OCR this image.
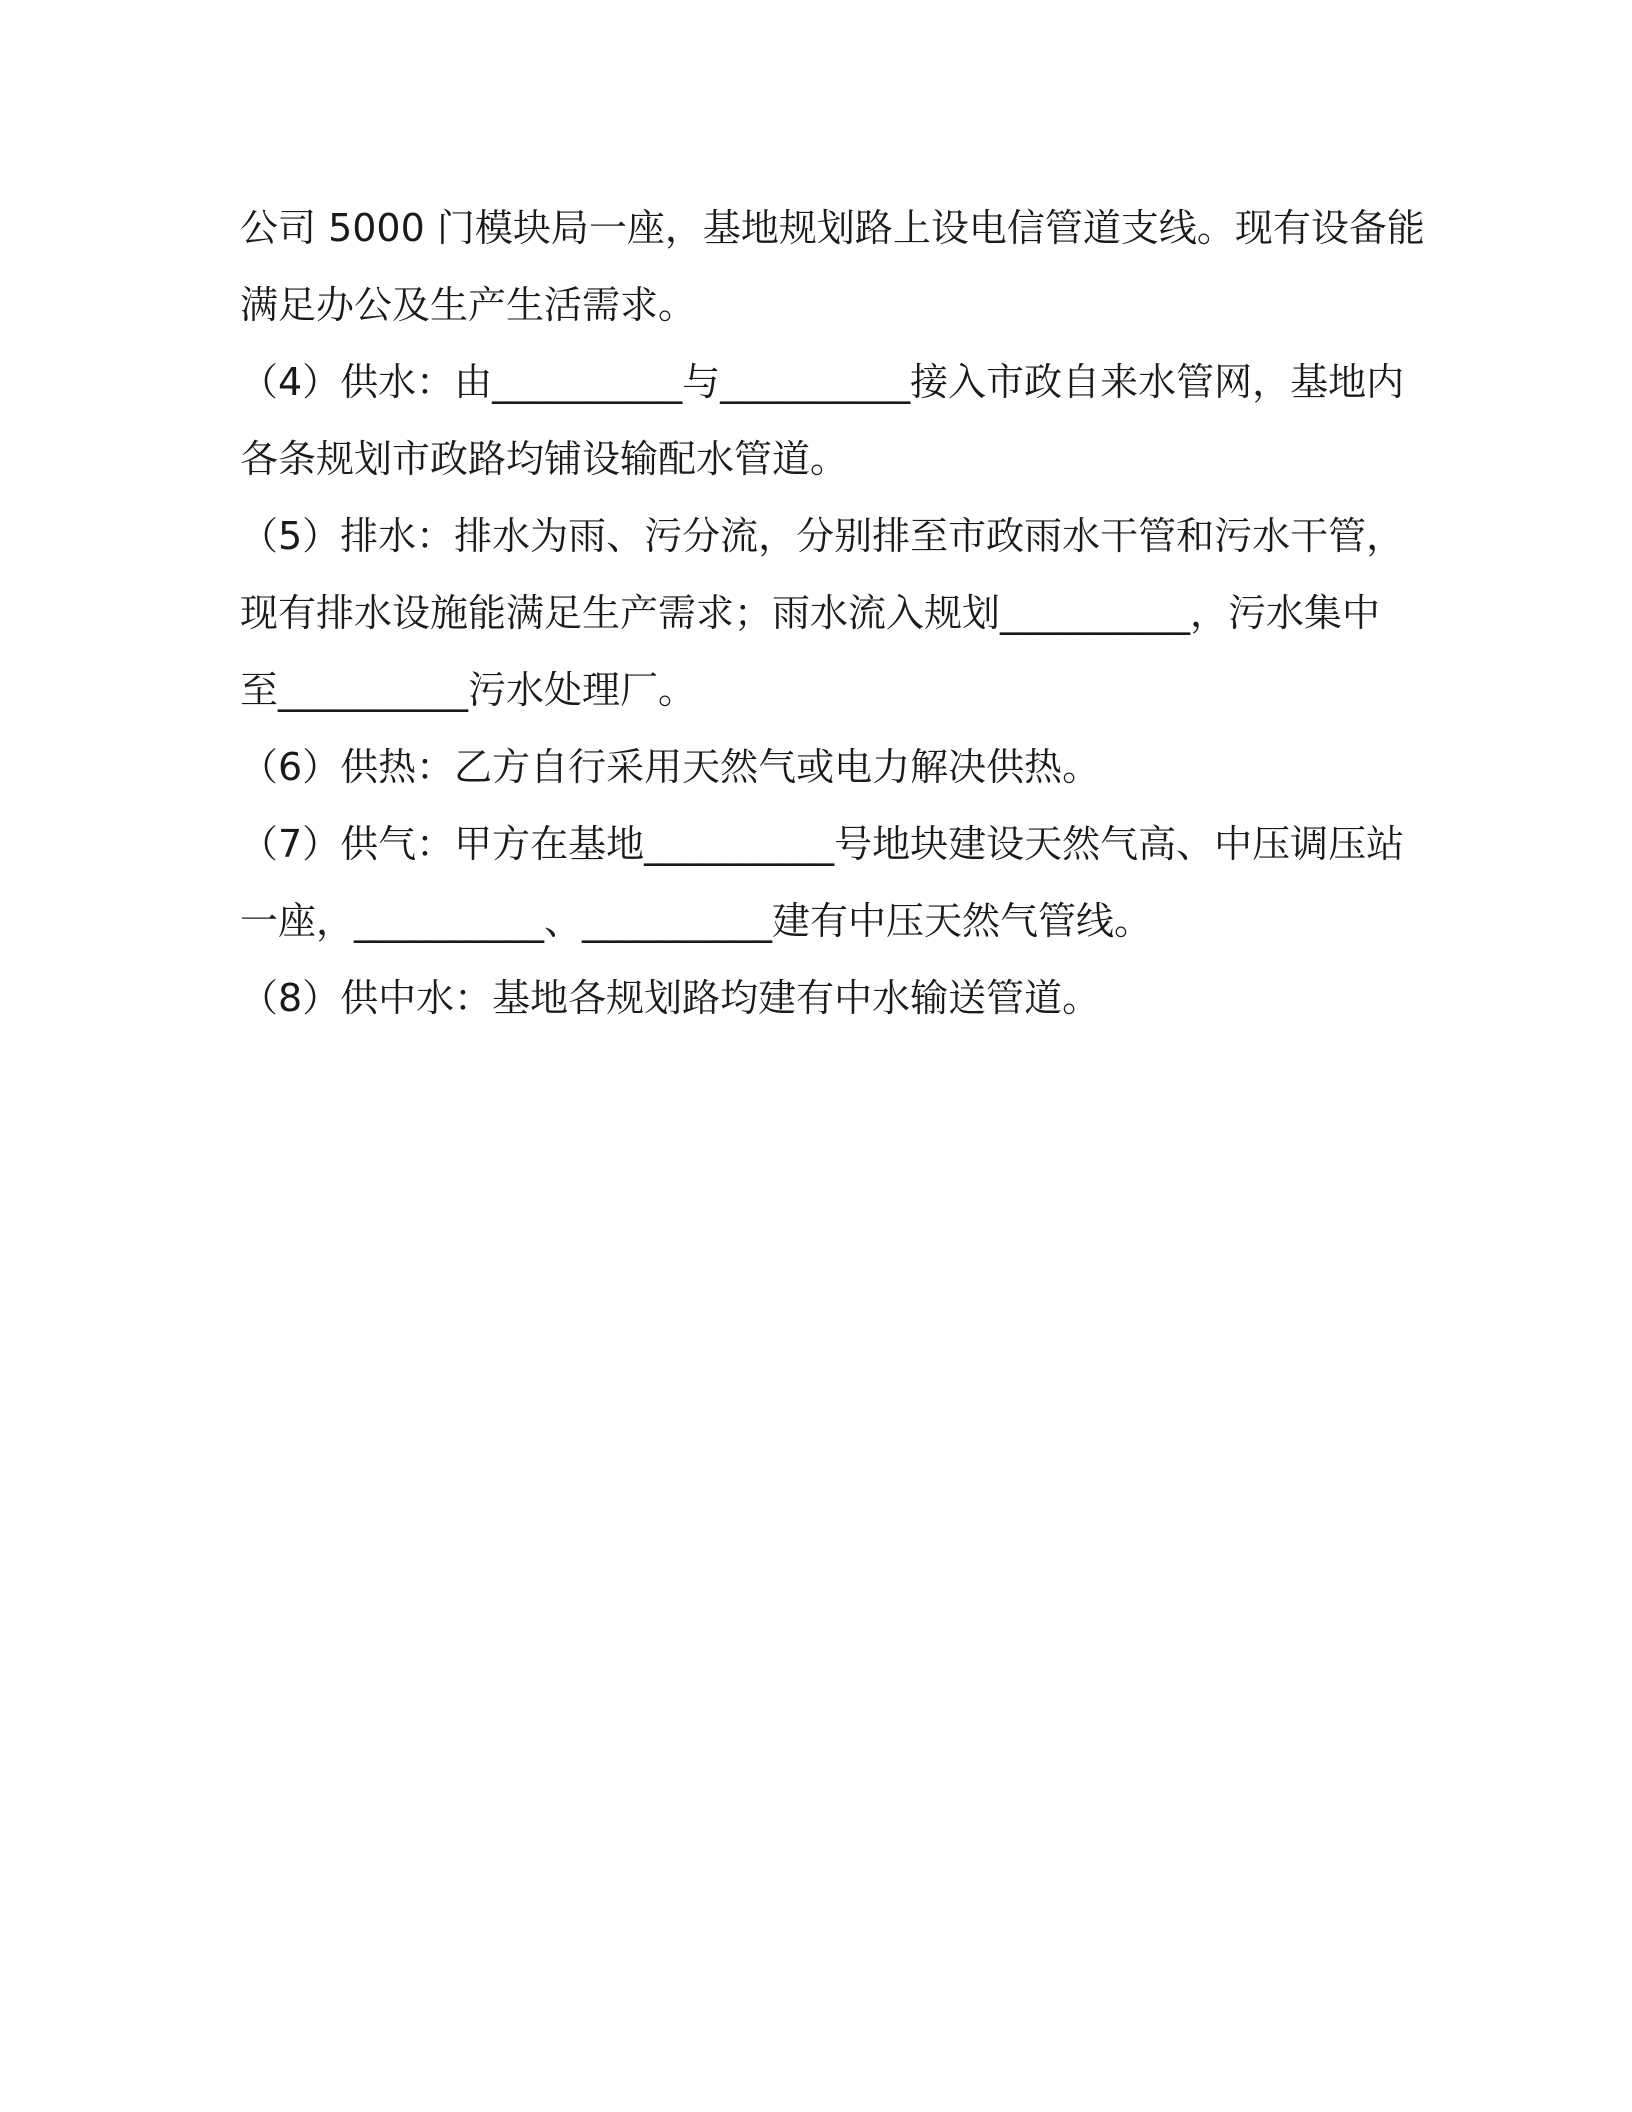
公司 5000 门模块局一座，基地规划路上设电信管道支线。现有设备能
满足办公及生产生活需求。
（4）供水：由__________与__________接入市政自来水管网，基地内
各条规划市政路均铺设输配水管道。
（5）排水：排水为雨、污分流，分别排至市政雨水干管和污水干管，
现有排水设施能满足生产需求；雨水流入规划__________，污水集中
至__________污水处理厂。
（6）供热：乙方自行采用天然气或电力解决供热。
（7）供气：甲方在基地__________号地块建设天然气高、中压调压站
一座，__________、__________建有中压天然气管线。
（8）供中水：基地各规划路均建有中水输送管道。
